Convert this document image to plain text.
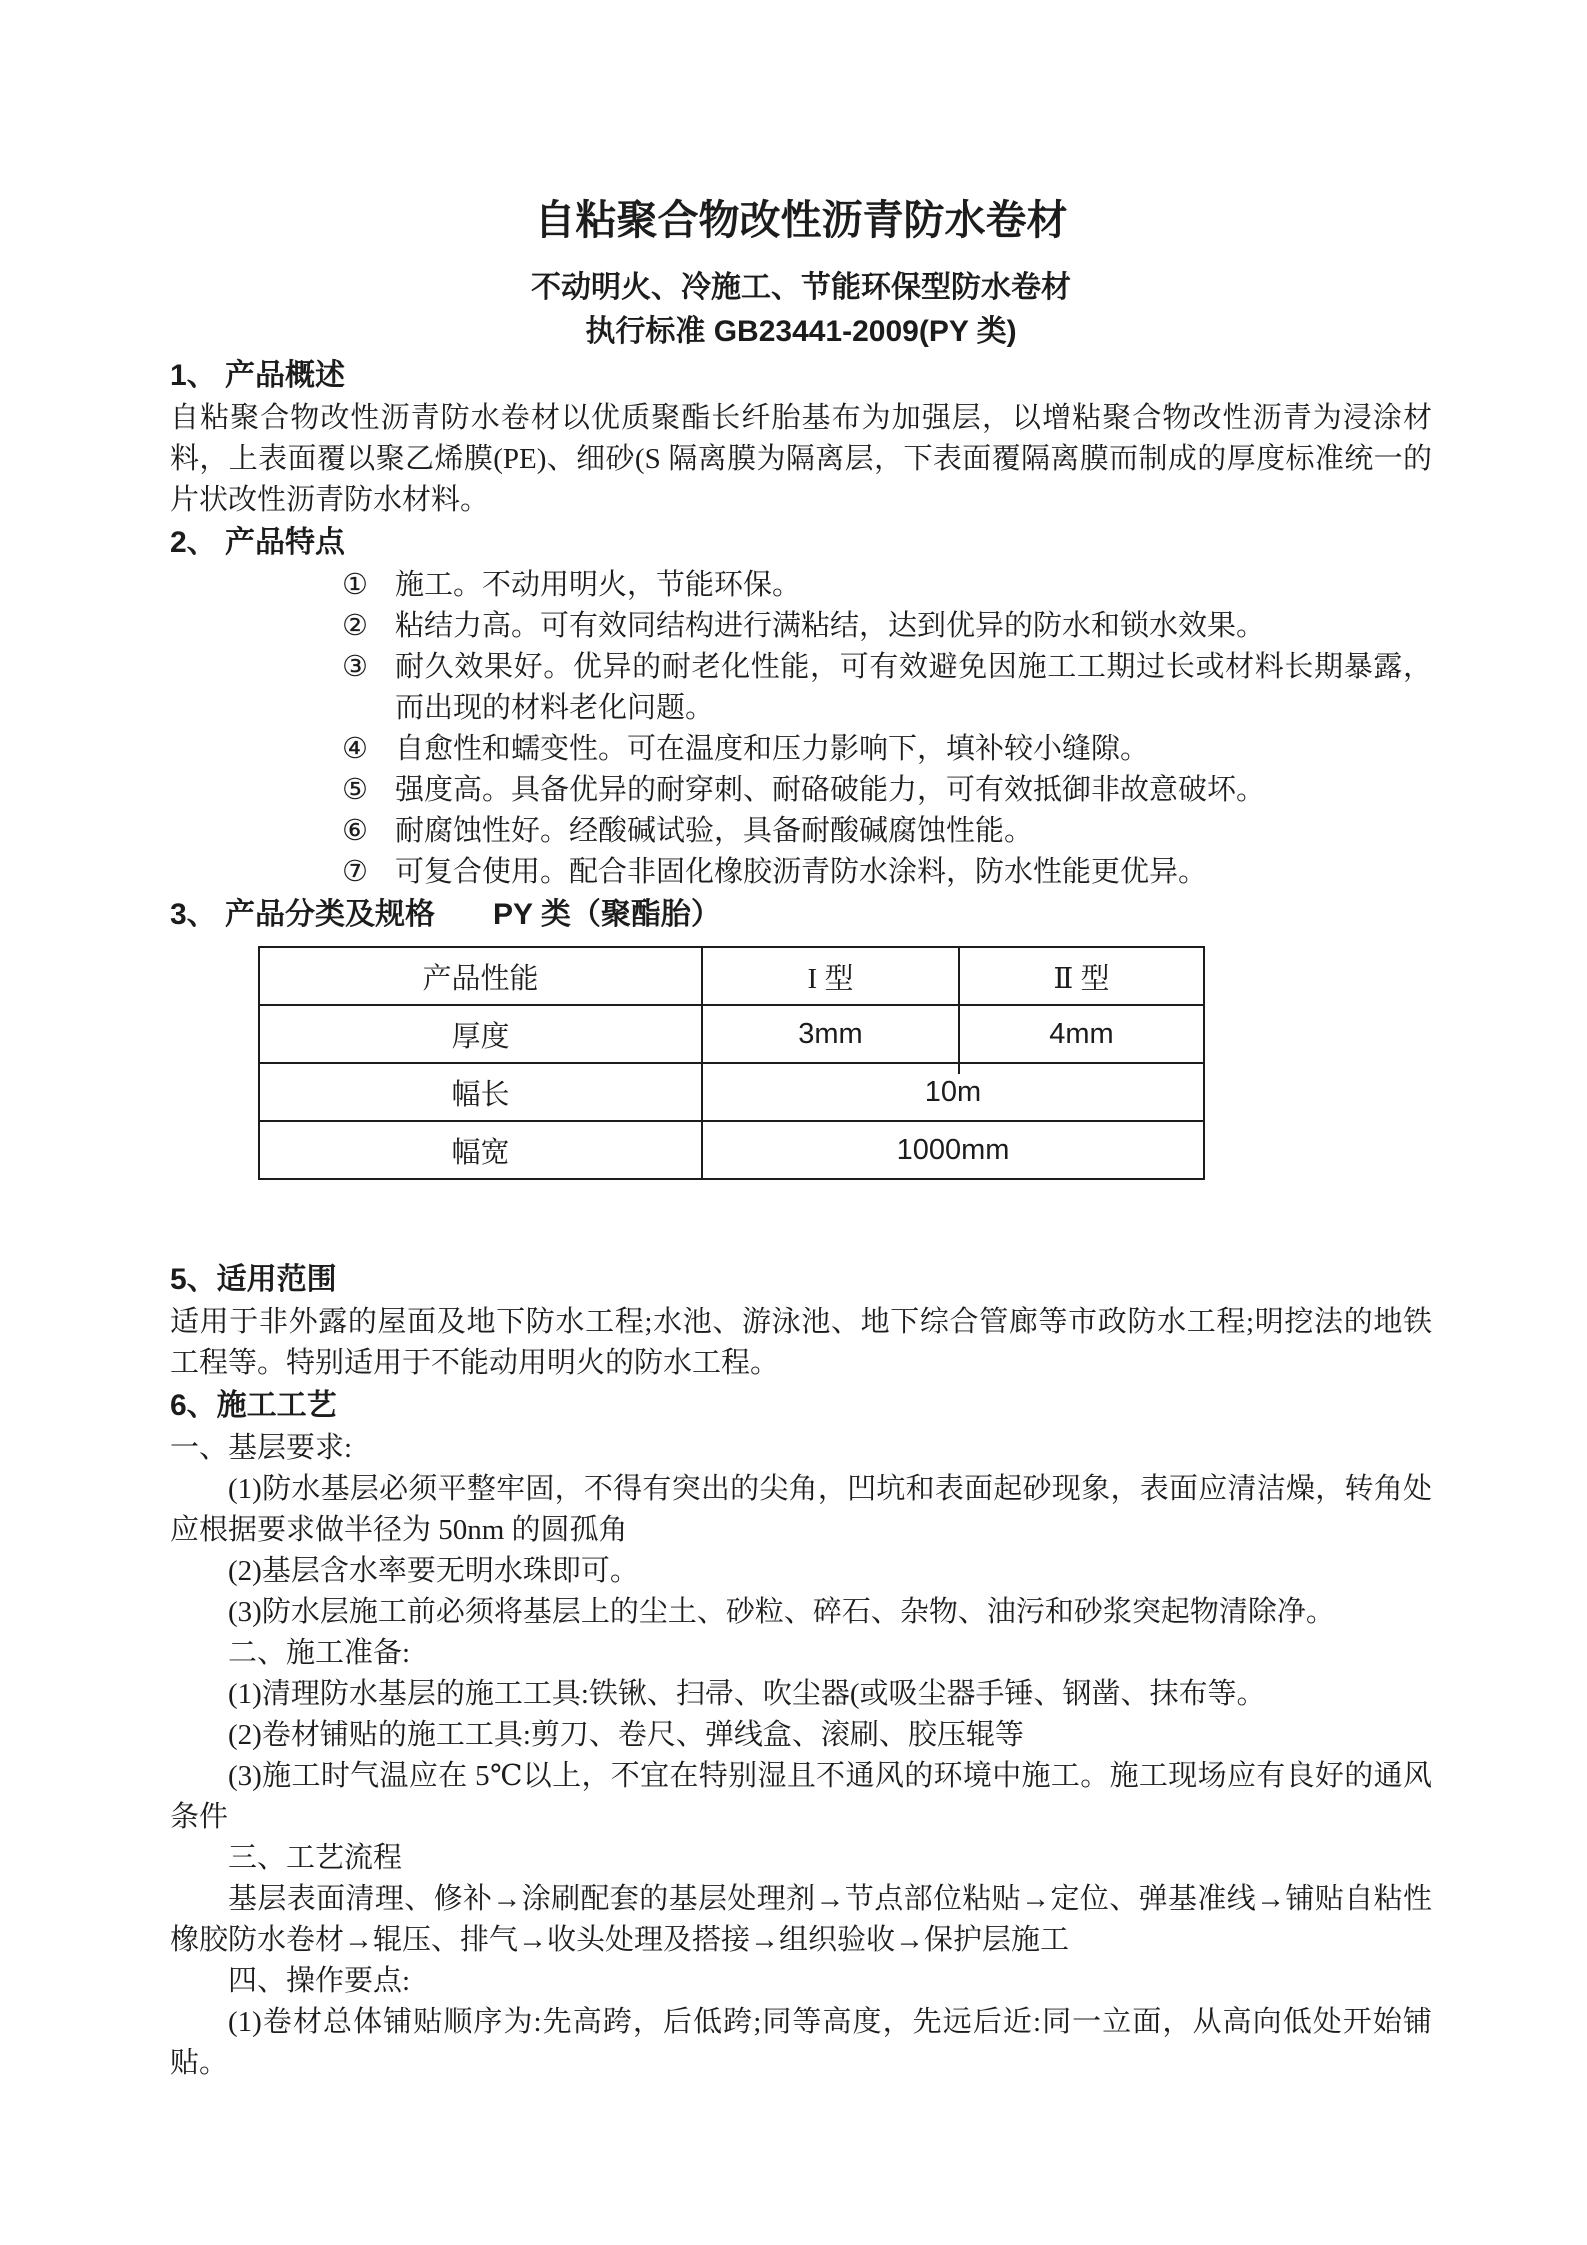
自粘聚合物改性沥青防水卷材
不动明火、冷施工、节能环保型防水卷材
执行标准 GB23441-2009(PY 类)
1、 产品概述

自粘聚合物改性沥青防水卷材以优质聚酯长纤胎基布为加强层，以增粘聚合物改性沥青为浸涂材料，上表面覆以聚乙烯膜(PE)、细砂(S 隔离膜为隔离层，下表面覆隔离膜而制成的厚度标准统一的片状改性沥青防水材料。

2、 产品特点
① 施工。不动用明火，节能环保。
② 粘结力高。可有效同结构进行满粘结，达到优异的防水和锁水效果。
③ 耐久效果好。优异的耐老化性能，可有效避免因施工工期过长或材料长期暴露，而出现的材料老化问题。
④ 自愈性和蠕变性。可在温度和压力影响下，填补较小缝隙。
⑤ 强度高。具备优异的耐穿刺、耐硌破能力，可有效抵御非故意破坏。
⑥ 耐腐蚀性好。经酸碱试验，具备耐酸碱腐蚀性能。
⑦ 可复合使用。配合非固化橡胶沥青防水涂料，防水性能更优异。
3、 产品分类及规格 PY 类（聚酯胎）
产品性能	I 型	Ⅱ 型
厚度	3mm	4mm
幅长	10m	
幅宽	1000mm	
5、适用范围

适用于非外露的屋面及地下防水工程;水池、游泳池、地下综合管廊等市政防水工程;明挖法的地铁工程等。特别适用于不能动用明火的防水工程。

6、施工工艺

一、基层要求:

(1)防水基层必须平整牢固，不得有突出的尖角，凹坑和表面起砂现象，表面应清洁燥，转角处应根据要求做半径为 50nm 的圆孤角

(2)基层含水率要无明水珠即可。

(3)防水层施工前必须将基层上的尘土、砂粒、碎石、杂物、油污和砂浆突起物清除净。

二、施工准备:

(1)清理防水基层的施工工具:铁锹、扫帚、吹尘器(或吸尘器手锤、钢凿、抹布等。

(2)卷材铺贴的施工工具:剪刀、卷尺、弹线盒、滚刷、胶压辊等

(3)施工时气温应在 5℃以上，不宜在特别湿且不通风的环境中施工。施工现场应有良好的通风条件

三、工艺流程

基层表面清理、修补→涂刷配套的基层处理剂→节点部位粘贴→定位、弹基准线→铺贴自粘性橡胶防水卷材→辊压、排气→收头处理及搭接→组织验收→保护层施工

四、操作要点:

(1)卷材总体铺贴顺序为:先高跨，后低跨;同等高度，先远后近:同一立面，从高向低处开始铺贴。
